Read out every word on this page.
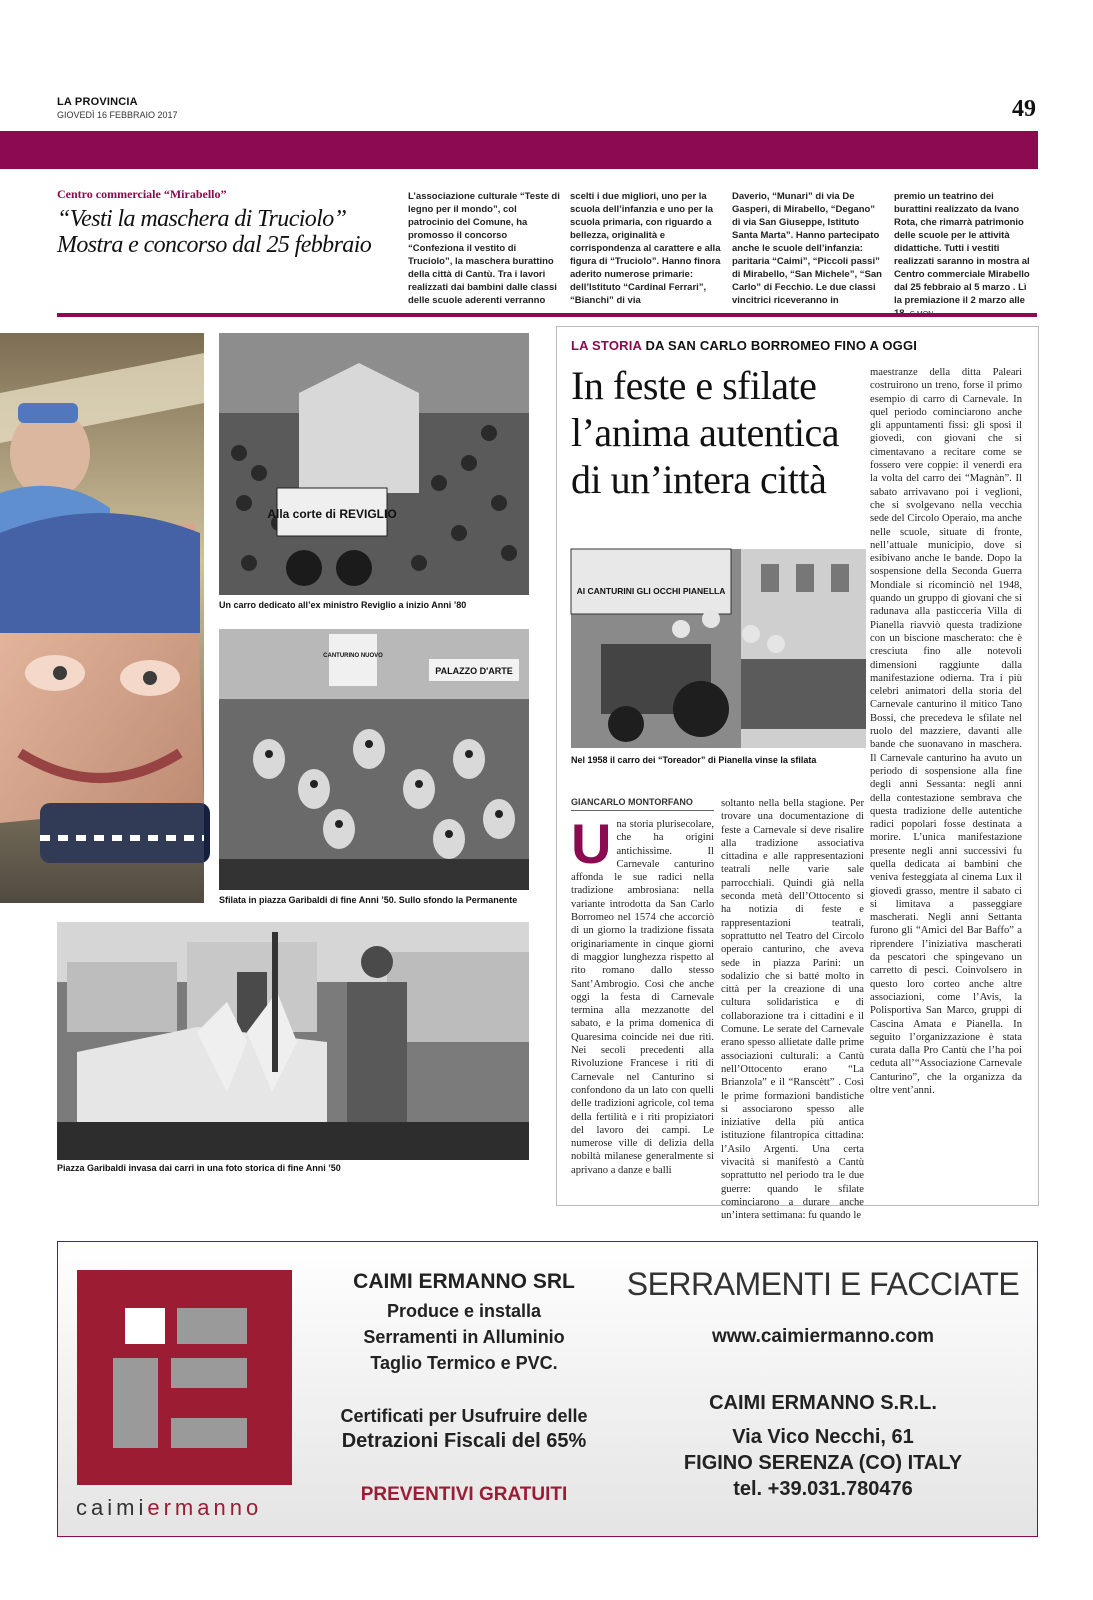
LA PROVINCIA
GIOVEDÌ 16 FEBBRAIO 2017	49
Centro commerciale “Mirabello”
“Vesti la maschera di Truciolo”
Mostra e concorso dal 25 febbraio
L’associazione culturale “Teste di legno per il mondo”, col patrocinio del Comune, ha promosso il concorso “Confeziona il vestito di Truciolo”, la maschera burattino della città di Cantù. Tra i lavori realizzati dai bambini dalle classi delle scuole aderenti verranno
scelti i due migliori, uno per la scuola dell’infanzia e uno per la scuola primaria, con riguardo a bellezza, originalità e corrispondenza al carattere e alla figura di “Truciolo”. Hanno finora aderito numerose primarie: dell’Istituto “Cardinal Ferrari”, “Bianchi” di via
Daverio, “Munari” di via De Gasperi, di Mirabello, “Degano” di via San Giuseppe, Istituto Santa Marta”. Hanno partecipato anche le scuole dell’infanzia: paritaria “Caimi”, “Piccoli passi” di Mirabello, “San Michele”, “San Carlo” di Fecchio. Le due classi vincitrici riceveranno in
premio un teatrino dei burattini realizzato da Ivano Rota, che rimarrà patrimonio delle scuole per le attività didattiche. Tutti i vestiti realizzati saranno in mostra al Centro commerciale Mirabello dal 25 febbraio al 5 marzo . Lì la premiazione il 2 marzo alle
Alla corte di REVIGLIO
Un carro dedicato all’ex ministro Reviglio a inizio Anni ’80
CANTURINO NUOVO
PALAZZO D'ARTE
Sfilata in piazza Garibaldi di fine Anni ’50. Sullo sfondo la Permanente
Piazza Garibaldi invasa dai carri in una foto storica di fine Anni ’50
LA STORIA DA SAN CARLO BORROMEO FINO A OGGI
In feste e sfilate
l’anima autentica
di un’intera città
AI CANTURINI GLI OCCHI PIANELLA
Nel 1958 il carro dei “Toreador” di Pianella vinse la sfilata
GIANCARLO MONTORFANO
Una storia plurisecolare, che ha origini antichissime. Il Carnevale canturino affonda le sue radici nella tradizione ambrosiana: nella variante introdotta da San Carlo Borromeo nel 1574 che accorciò di un giorno la tradizione fissata originariamente in cinque giorni di maggior lunghezza rispetto al rito romano dallo stesso Sant’Ambrogio. Così che anche oggi la festa di Carnevale termina alla mezzanotte del sabato, e la prima domenica di Quaresima coincide nei due riti. Nei secoli precedenti alla Rivoluzione Francese i riti di Carnevale nel Canturino si confondono da un lato con quelli delle tradizioni agricole, col tema della fertilità e i riti propiziatori del lavoro dei campi. Le numerose ville di delizia della nobiltà milanese generalmente si aprivano a danze e balli
soltanto nella bella stagione. Per trovare una documentazione di feste a Carnevale si deve risalire alla tradizione associativa cittadina e alle rappresentazioni teatrali nelle varie sale parrocchiali. Quindi già nella seconda metà dell’Ottocento si ha notizia di feste e rappresentazioni teatrali, soprattutto nel Teatro del Circolo operaio canturino, che aveva sede in piazza Parini: un sodalizio che si batté molto in città per la creazione di una cultura solidaristica e di collaborazione tra i cittadini e il Comune. Le serate del Carnevale erano spesso allietate dalle prime associazioni culturali: a Cantù nell’Ottocento erano “La Brianzola” e il “Ranscètt” . Così le prime formazioni bandistiche si associarono spesso alle iniziative della più antica istituzione filantropica cittadina: l’Asilo Argenti. Una certa vivacità si manifestò a Cantù soprattutto nel periodo tra le due guerre: quando le sfilate cominciarono a durare anche un’intera settimana: fu quando le
maestranze della ditta Paleari costruirono un treno, forse il primo esempio di carro di Carnevale. In quel periodo cominciarono anche gli appuntamenti fissi: gli sposi il giovedì, con giovani che si cimentavano a recitare come se fossero vere coppie: il venerdì era la volta del carro dei “Magnàn”. Il sabato arrivavano poi i veglioni, che si svolgevano nella vecchia sede del Circolo Operaio, ma anche nelle scuole, situate di fronte, nell’attuale municipio, dove si esibivano anche le bande. Dopo la sospensione della Seconda Guerra Mondiale si ricominciò nel 1948, quando un gruppo di giovani che si radunava alla pasticceria Villa di Pianella riavviò questa tradizione con un biscione mascherato: che è cresciuta fino alle notevoli dimensioni raggiunte dalla manifestazione odierna. Tra i più celebri animatori della storia del Carnevale canturino il mitico Tano Bossi, che precedeva le sfilate nel ruolo del mazziere, davanti alle bande che suonavano in maschera. Il Carnevale canturino ha avuto un periodo di sospensione alla fine degli anni Sessanta: negli anni della contestazione sembrava che questa tradizione delle autentiche radici popolari fosse destinata a morire. L’unica manifestazione presente negli anni successivi fu quella dedicata ai bambini che veniva festeggiata al cinema Lux il giovedì grasso, mentre il sabato ci si limitava a passeggiare mascherati. Negli anni Settanta furono gli “Amici del Bar Baffo” a riprendere l’iniziativa mascherati da pescatori che spingevano un carretto di pesci. Coinvolsero in questo loro corteo anche altre associazioni, come l’Avis, la Polisportiva San Marco, gruppi di Cascina Amata e Pianella. In seguito l’organizzazione è stata curata dalla Pro Cantù che l’ha poi ceduta all’“Associazione Carnevale Canturino”, che la organizza da oltre vent’anni.
caimiermanno
CAIMI ERMANNO SRL
Produce e installa
Serramenti in Alluminio
Taglio Termico e PVC.
Certificati per Usufruire delle
Detrazioni Fiscali del 65%
PREVENTIVI GRATUITI
SERRAMENTI E FACCIATE
www.caimiermanno.com
CAIMI ERMANNO S.R.L.
Via Vico Necchi, 61
FIGINO SERENZA (CO) ITALY
tel. +39.031.780476
